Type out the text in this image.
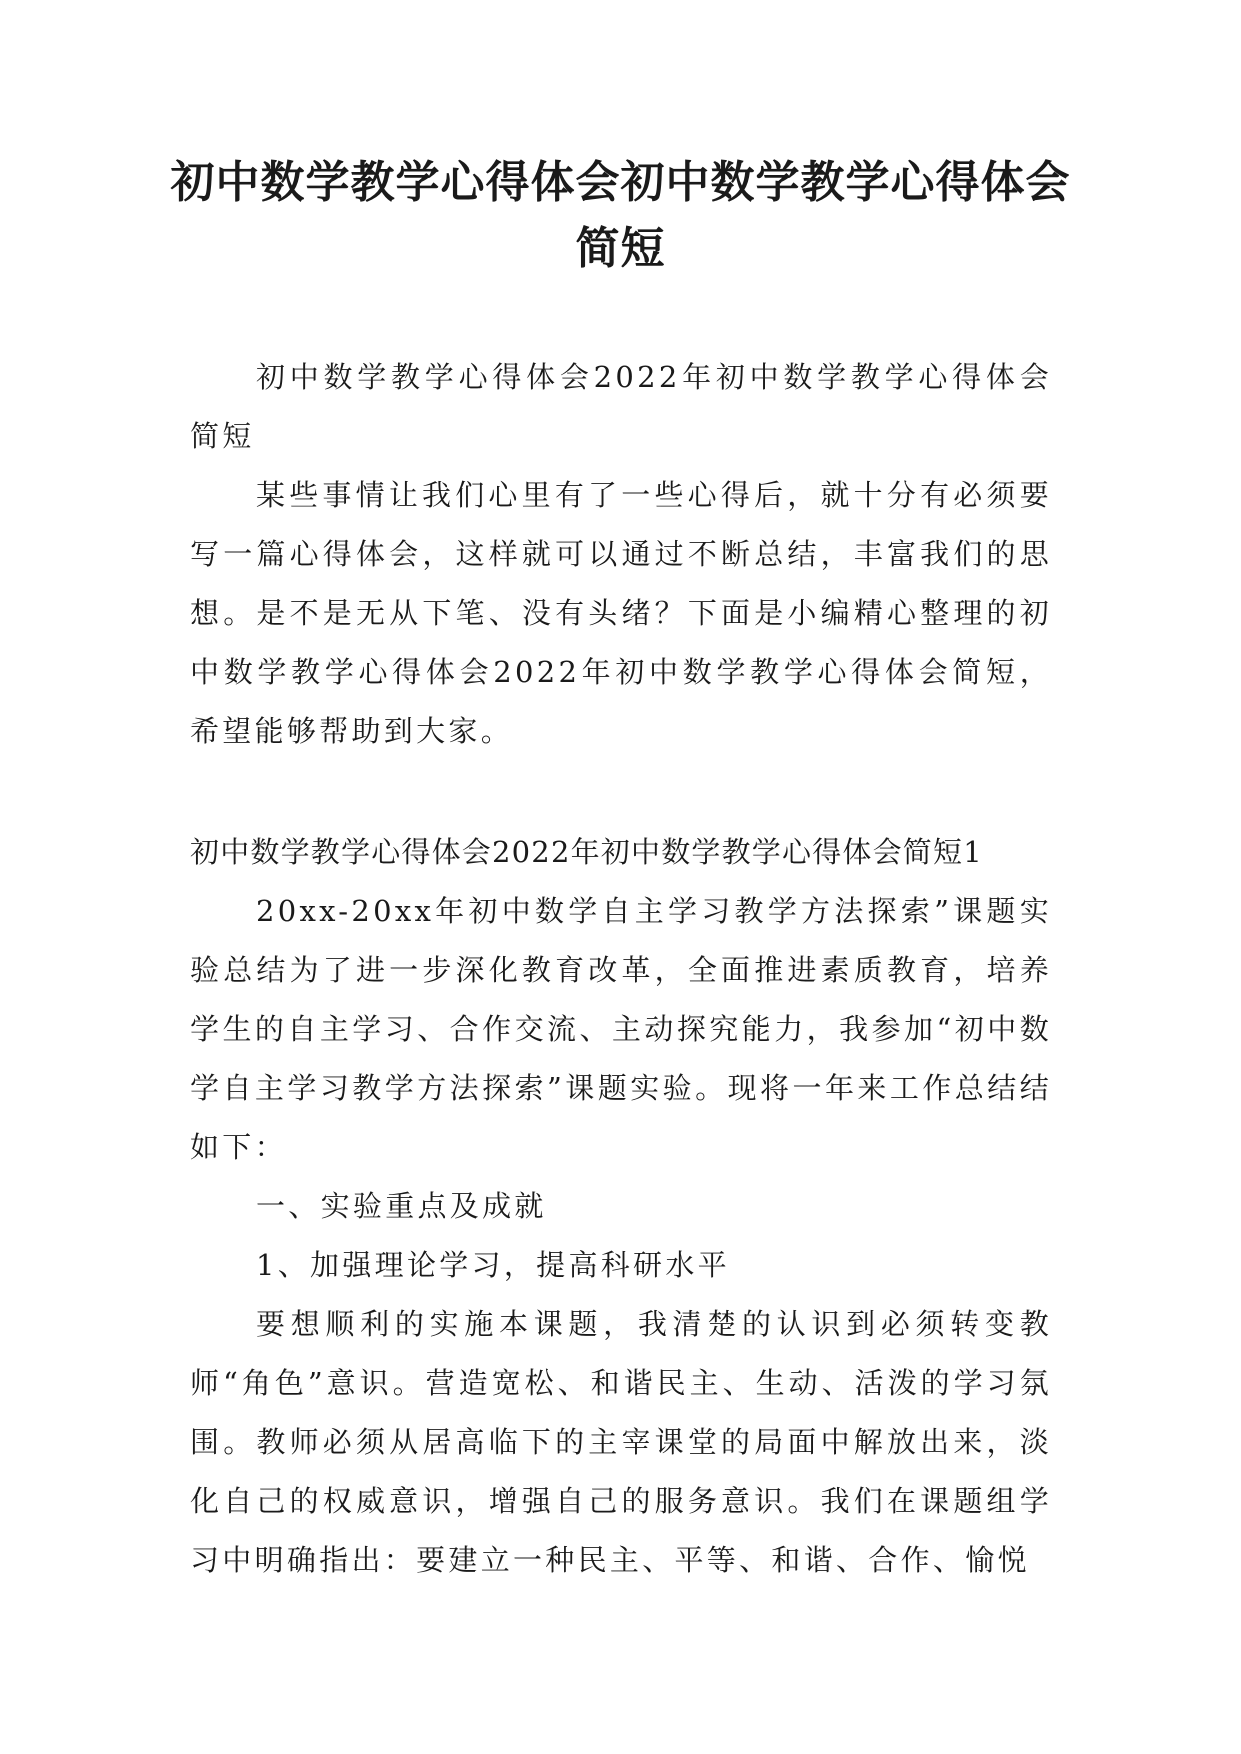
初中数学教学心得体会初中数学教学心得体会简短

初中数学教学心得体会2022年初中数学教学心得体会简短

某些事情让我们心里有了一些心得后，就十分有必须要写一篇心得体会，这样就可以通过不断总结，丰富我们的思想。是不是无从下笔、没有头绪？下面是小编精心整理的初中数学教学心得体会2022年初中数学教学心得体会简短，希望能够帮助到大家。

初中数学教学心得体会2022年初中数学教学心得体会简短1

20xx-20xx年初中数学自主学习教学方法探索”课题实验总结为了进一步深化教育改革，全面推进素质教育，培养学生的自主学习、合作交流、主动探究能力，我参加“初中数学自主学习教学方法探索”课题实验。现将一年来工作总结结如下：

一、实验重点及成就

1、加强理论学习，提高科研水平

要想顺利的实施本课题，我清楚的认识到必须转变教师“角色”意识。营造宽松、和谐民主、生动、活泼的学习氛围。教师必须从居高临下的主宰课堂的局面中解放出来，淡化自己的权威意识，增强自己的服务意识。我们在课题组学习中明确指出：要建立一种民主、平等、和谐、合作、愉悦
